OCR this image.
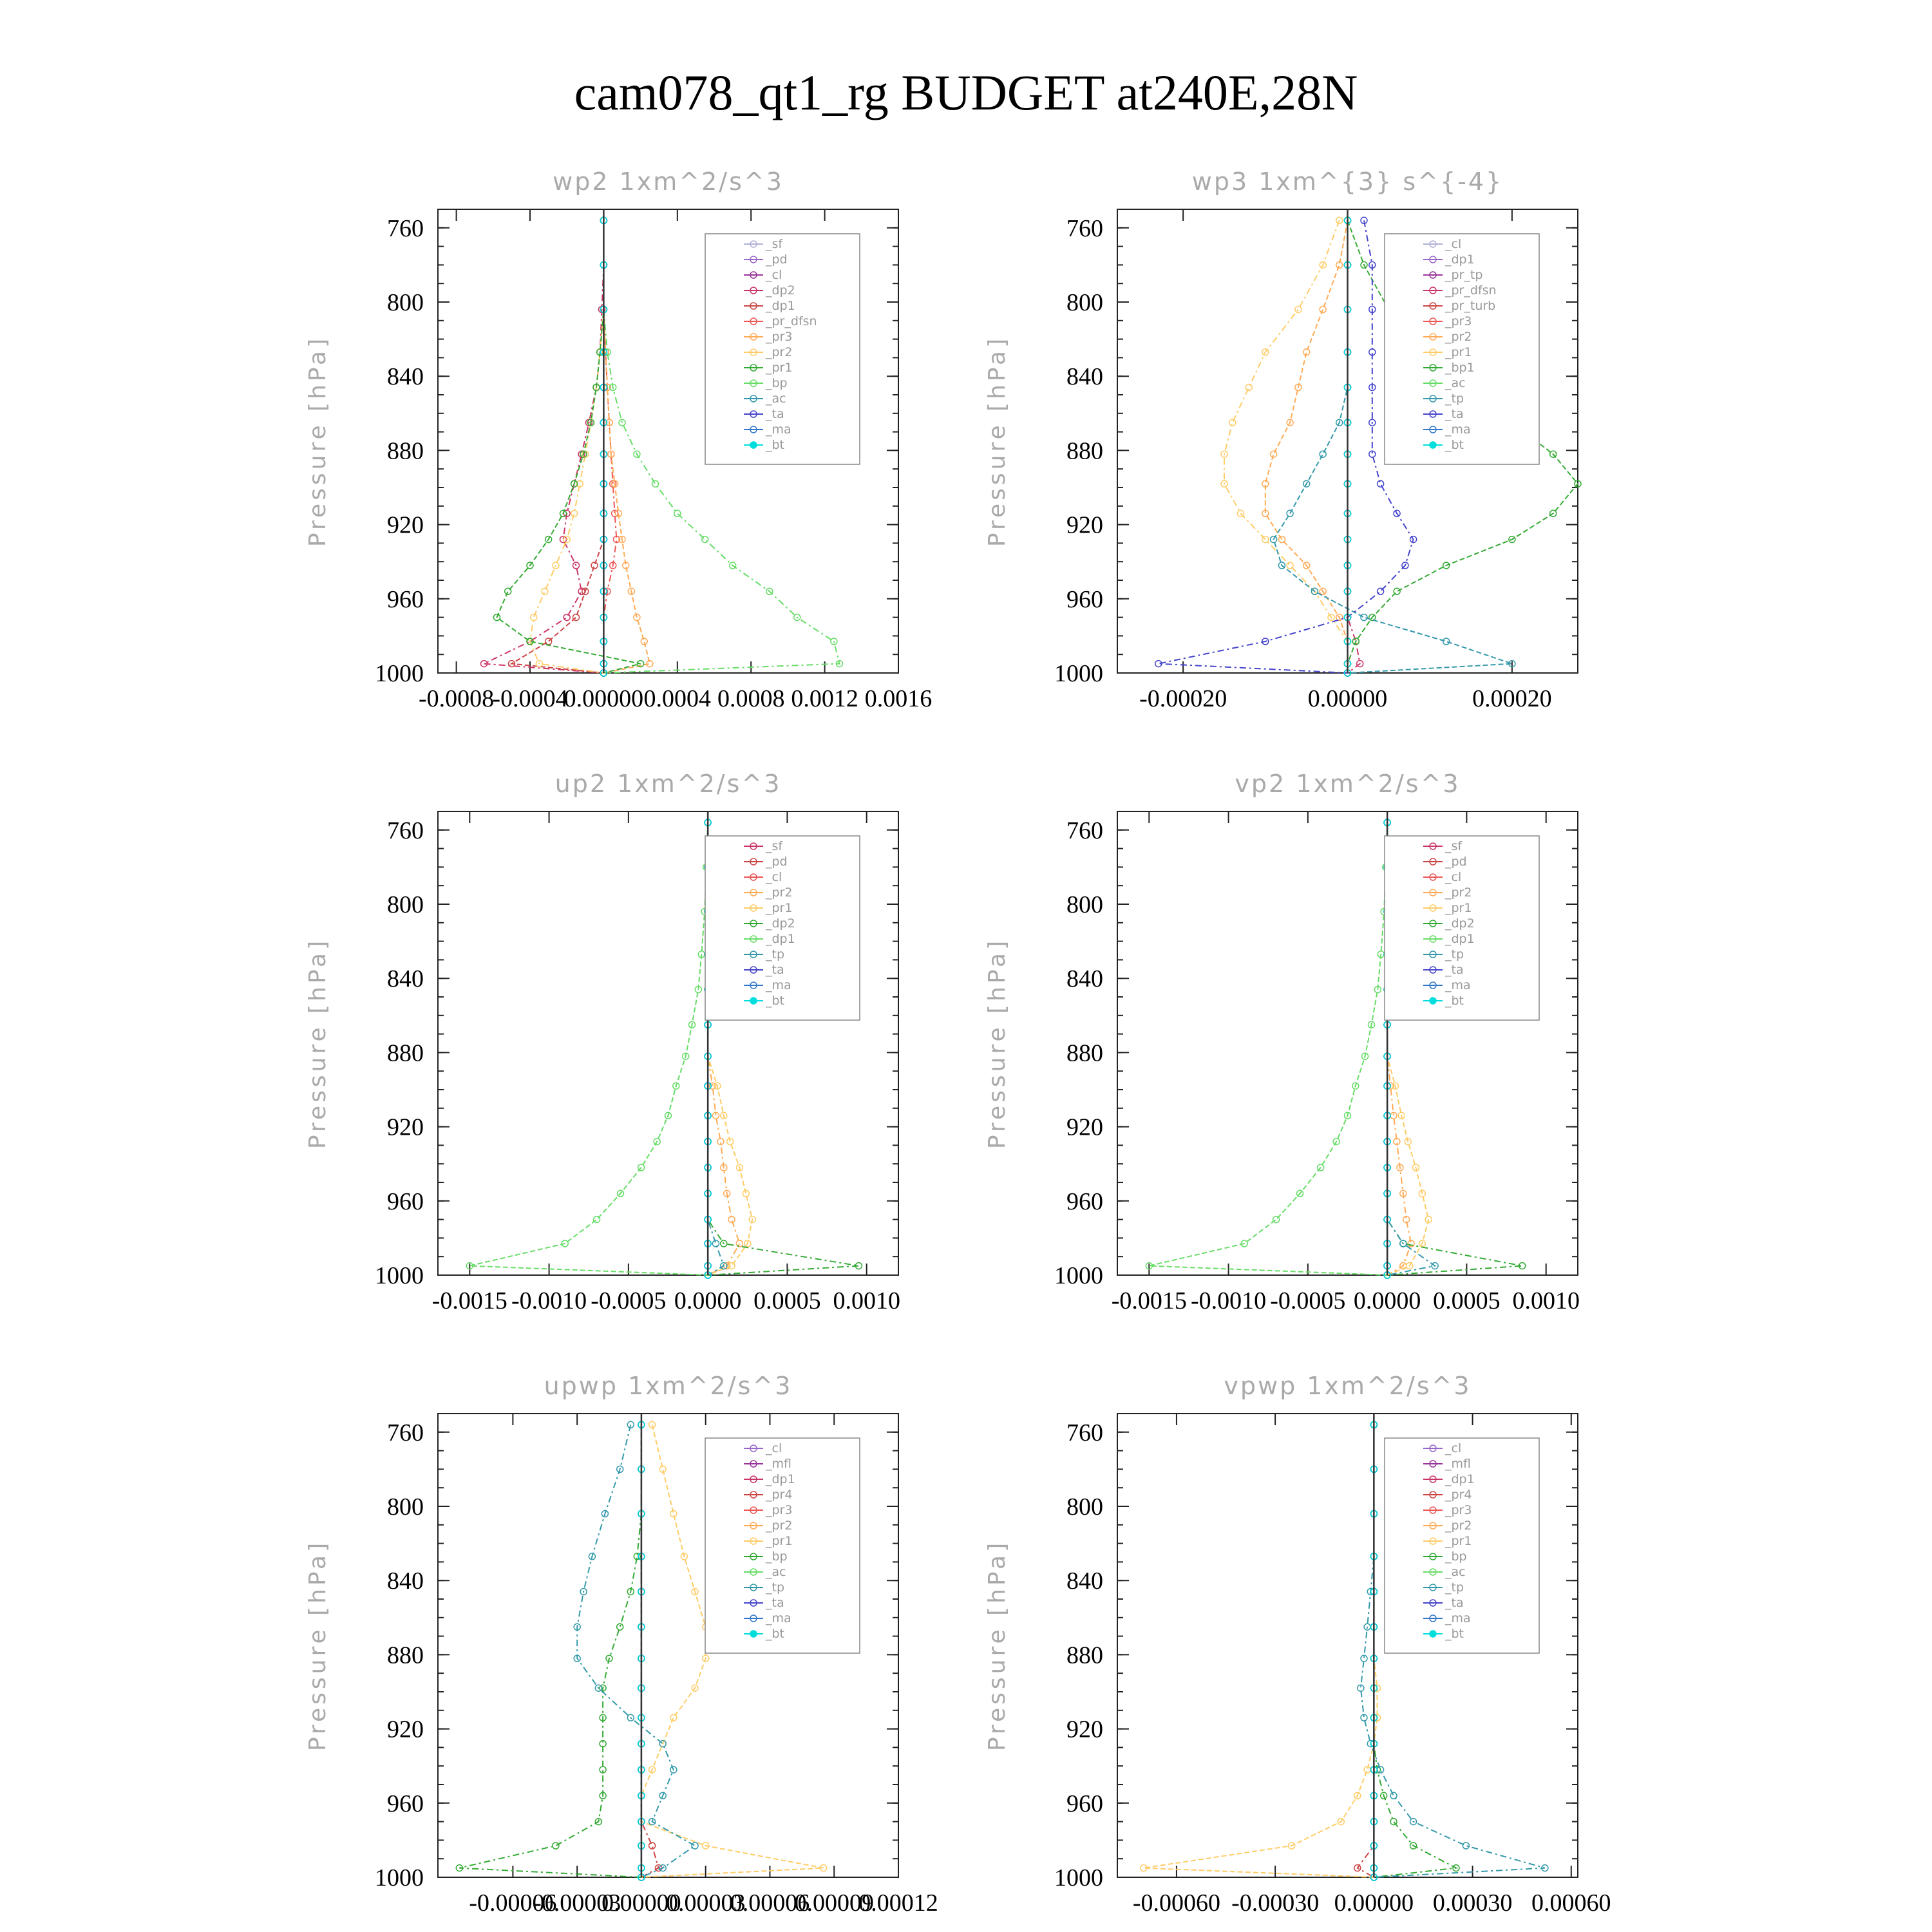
cam078_qt1_rg BUDGET at240E,28N
wp2 1xm^2/s^3
Pressure [hPa]
760
800
840
880
920
960
1000
-0.0008
-0.0004
0.00000 0.0004 0.0008 0.0012 0.0016
_sf
_pd
_cl
_dp2
_dp1
_pr_dfsn
_pr3
_pr2
_pr1
_bp
_ac
_ta
_ma
_bt
wp3 1xm^{3} s^{-4}
Pressure [hPa]
760
800
840
880
920
960
1000
-0.00020	0.00000	0.00020
_cl
_dp1
_pr_tp
_pr_dfsn
_pr_turb
_pr3
_pr2
_pr1
_bp1
_ac
_tp
_ta
_ma
_bt
up2 1xm^2/s^3
Pressure [hPa]
760
800
840
880
920
960
1000
-0.0015 -0.0010 -0.0005 0.0000 0.0005 0.0010
_sf
_pd
_cl
_pr2
_pr1
_dp2
_dp1
_tp
_ta
_ma
_bt
vp2 1xm^2/s^3
Pressure [hPa]
760
800
840
880
920
960
1000
-0.0015 -0.0010 -0.0005 0.0000 0.0005 0.0010
_sf
_pd
_cl
_pr2
_pr1
_dp2
_dp1
_tp
_ta
_ma
_bt
upwp 1xm^2/s^3
Pressure [hPa]
760
800
840
880
920
960
1000
-0.00006
-0.00003
0.00000
0.00003
0.00006
0.00009
0.00012
_cl
_mfl
_dp1
_pr4
_pr3
_pr2
_pr1
_bp
_ac
_tp
_ta
_ma
_bt
vpwp 1xm^2/s^3
Pressure [hPa]
760
800
840
880
920
960
1000
-0.00060 -0.00030 0.00000 0.00030 0.00060
_cl
_mfl
_dp1
_pr4
_pr3
_pr2
_pr1
_bp
_ac
_tp
_ta
_ma
_bt
